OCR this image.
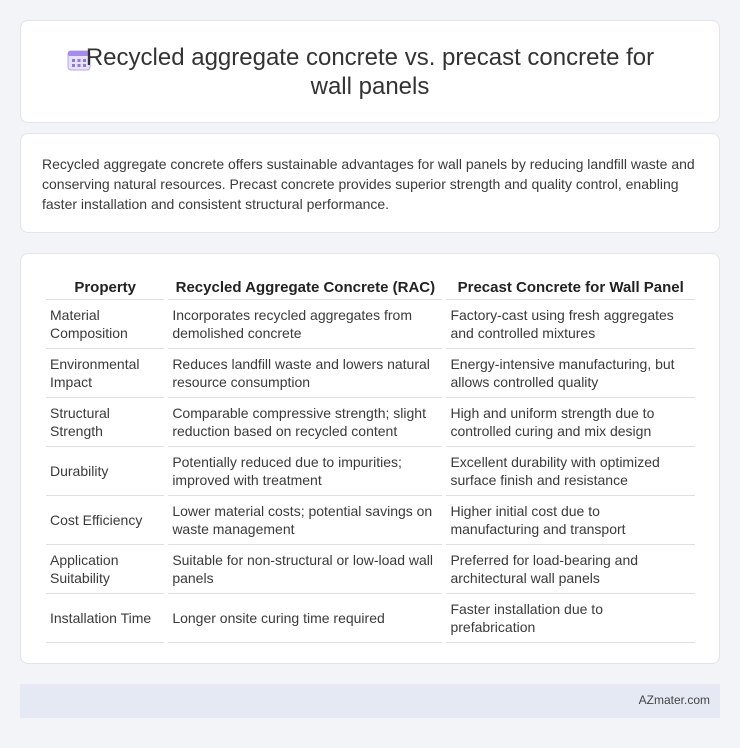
Recycled aggregate concrete vs. precast concrete for wall panels

Recycled aggregate concrete offers sustainable advantages for wall panels by reducing landfill waste and conserving natural resources. Precast concrete provides superior strength and quality control, enabling faster installation and consistent structural performance.

Property	Recycled Aggregate Concrete (RAC)	Precast Concrete for Wall Panel
Material Composition	Incorporates recycled aggregates from demolished concrete	Factory-cast using fresh aggregates and controlled mixtures
Environmental Impact	Reduces landfill waste and lowers natural resource consumption	Energy-intensive manufacturing, but allows controlled quality
Structural Strength	Comparable compressive strength; slight reduction based on recycled content	High and uniform strength due to controlled curing and mix design
Durability	Potentially reduced due to impurities; improved with treatment	Excellent durability with optimized surface finish and resistance
Cost Efficiency	Lower material costs; potential savings on waste management	Higher initial cost due to manufacturing and transport
Application Suitability	Suitable for non-structural or low-load wall panels	Preferred for load-bearing and architectural wall panels
Installation Time	Longer onsite curing time required	Faster installation due to prefabrication
AZmater.com
